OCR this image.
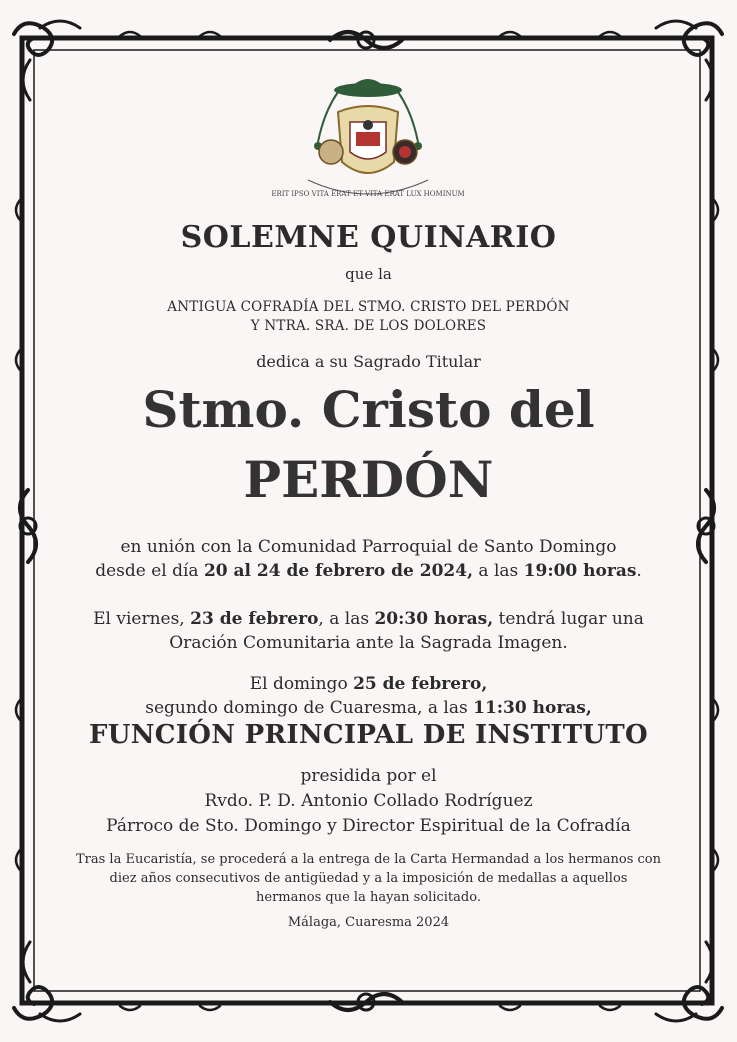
ERIT IPSO VITA ERAT ET VITA ERAT LUX HOMINUM
SOLEMNE QUINARIO
que la
ANTIGUA COFRADÍA DEL STMO. CRISTO DEL PERDÓN
Y NTRA. SRA. DE LOS DOLORES
dedica a su Sagrado Titular
Stmo. Cristo del
PERDÓN
en unión con la Comunidad Parroquial de Santo Domingo
desde el día 20 al 24 de febrero de 2024, a las 19:00 horas.
El viernes, 23 de febrero, a las 20:30 horas, tendrá lugar una
Oración Comunitaria ante la Sagrada Imagen.
El domingo 25 de febrero,
segundo domingo de Cuaresma, a las 11:30 horas,
FUNCIÓN PRINCIPAL DE INSTITUTO
presidida por el
Rvdo. P. D. Antonio Collado Rodríguez
Párroco de Sto. Domingo y Director Espiritual de la Cofradía
Tras la Eucaristía, se procederá a la entrega de la Carta Hermandad a los hermanos con
diez años consecutivos de antigüedad y a la imposición de medallas a aquellos
hermanos que la hayan solicitado.
Málaga, Cuaresma 2024
